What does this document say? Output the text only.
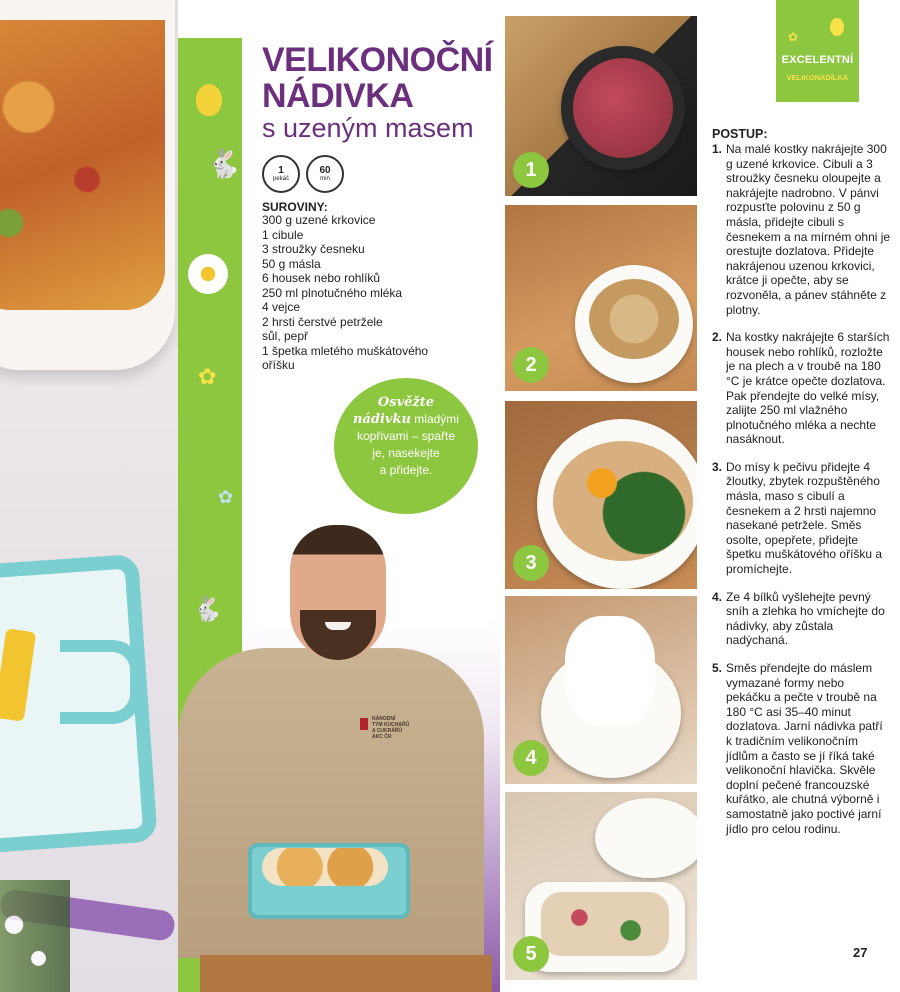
🐇
✿
✿
🐇
VELIKONOČNÍ
NÁDIVKA
s uzeným masem
1
pekáč
60
min
SUROVINY:
300 g uzené krkovice
1 cibule
3 stroužky česneku
50 g másla
6 housek nebo rohlíků
250 ml plnotučného mléka
4 vejce
2 hrsti čerstvé petržele
sůl, pepř
1 špetka mletého muškátového
oříšku
Osvěžte
nádivku mladými
kopřivami – spařte
je, nasekejte
a přidejte.
NÁRODNÍ
TÝM KUCHAŘŮ
A CUKRÁŘŮ
AKC ČR
1
2
3
4
5
✿
EXCELENTNÍ
VELIKONADÍLKA
POSTUP:
1. Na malé kostky nakrájejte 300 g uzené krkovice. Cibuli a 3 stroužky česneku oloupejte a nakrájejte nadrobno. V pánvi rozpusťte polovinu z 50 g másla, přidejte cibuli s česnekem a na mírném ohni je orestujte dozlatova. Přidejte nakrájenou uzenou krkovici, krátce ji opečte, aby se rozvoněla, a pánev stáhněte z plotny.
2. Na kostky nakrájejte 6 starších housek nebo rohlíků, rozložte je na plech a v troubě na 180 °C je krátce opečte dozlatova. Pak přendejte do velké mísy, zalijte 250 ml vlažného plnotučného mléka a nechte nasáknout.
3. Do mísy k pečivu přidejte 4 žloutky, zbytek rozpuštěného másla, maso s cibulí a česnekem a 2 hrsti najemno nasekané petržele. Směs osolte, opepřete, přidejte špetku muškátového oříšku a promíchejte.
4. Ze 4 bílků vyšlehejte pevný sníh a zlehka ho vmíchejte do nádivky, aby zůstala nadýchaná.
5. Směs přendejte do máslem vymazané formy nebo pekáčku a pečte v troubě na 180 °C asi 35–40 minut dozlatova. Jarní nádivka patří k tradičním velikonočním jídlům a často se jí říká také velikonoční hlavička. Skvěle doplní pečené francouzské kuřátko, ale chutná výborně i samostatně jako poctivé jarní jídlo pro celou rodinu.
27
